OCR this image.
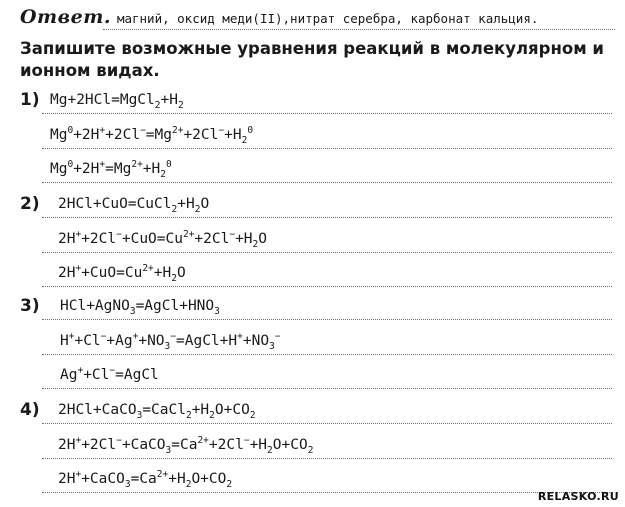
Ответ. магний, оксид меди(II),нитрат серебра, карбонат кальция.
Запишите возможные уравнения реакций в молекулярном и ионном видах.
1) $Mg+2HCl=MgCl_2+H_2$
$Mg^0+2H^++2Cl^-=Mg^{2+}+2Cl^-+H_2^0$
$Mg^0+2H^+=Mg^{2+}+H_2^0$
2) $2HCl+CuO=CuCl_2+H_2O$
$2H^++2Cl^-+CuO=Cu^{2+}+2Cl^-+H_2O$
$2H^++CuO=Cu^{2+}+H_2O$
3) $HCl+AgNO_3=AgCl+HNO_3$
$H^++Cl^-+Ag^++NO_3^-=AgCl+H^++NO_3^-$
Ag++Cl−=AgCl
4) $2HCl+CaCO_3=CaCl_2+H_2O+CO_2$
$2H^++2Cl^-+CaCO_3=Ca^{2+}+2Cl^-+H_2O+CO_2$
$2H^++CaCO_3=Ca^{2+}+H_2O+CO_2$
RELASKO.RU
